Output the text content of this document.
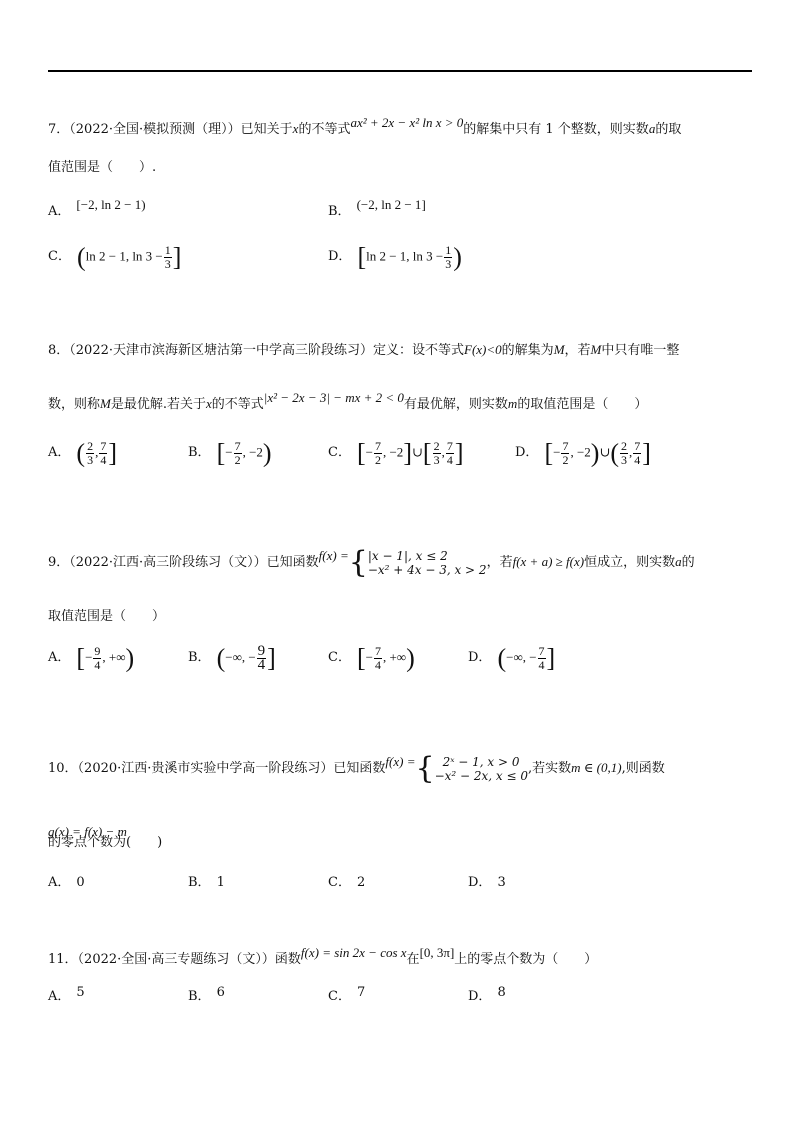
7．（2022·全国·模拟预测（理））已知关于x的不等式ax² + 2x − x² ln x > 0的解集中只有 1 个整数，则实数a的取
值范围是（　　）.
A． [−2, ln 2 − 1)	B． (−2, ln 2 − 1]
C． (ln 2 − 1, $\ln 3 - \frac{1}{3}$ ]	D． [ln 2 − 1, $\ln 3 - \frac{1}{3}$ )
8．（2022·天津市滨海新区塘沽第一中学高三阶段练习）定义：设不等式F(x)<0的解集为M，若M中只有唯一整
数，则称M是最优解.若关于x的不等式|x² − 2x − 3| − mx + 2 < 0有最优解，则实数m的取值范围是（　　）
A． ( $\frac{2}{3}$ , $\frac{7}{4}$ ]	B． [− $\frac{7}{2}$ , −2)	C． [− $\frac{7}{2}$ , −2]∪[ $\frac{2}{3}$ , $\frac{7}{4}$ ]	D． [− $\frac{7}{2}$ , −2)∪( $\frac{2}{3}$ , $\frac{7}{4}$ ]
9．（2022·江西·高三阶段练习（文））已知函数f(x) ={ |x − 1|, x ≤ 2
−x² + 4x − 3, x > 2 ，若f(x + a) ≥ f(x)恒成立，则实数a的
取值范围是（　　）
A． [− $\frac{9}{4}$ , +∞)	B． (−∞, − $\frac{9}{4}$ ]	C． [− $\frac{7}{4}$ , +∞)	D． (−∞, − $\frac{7}{4}$ ]
10．（2020·江西·贵溪市实验中学高一阶段练习）已知函数f(x) ={ 2ˣ − 1, x > 0
−x² − 2x, x ≤ 0 ,若实数m ∈ (0,1),则函数
g(x) = f(x) − m
的零点个数为(　　)
A． 0	B． 1	C． 2	D． 3
11．（2022·全国·高三专题练习（文））函数f(x) = sin 2x − cos x在[0, 3π]上的零点个数为（　　）
A． 5	B． 6	C． 7	D． 8
